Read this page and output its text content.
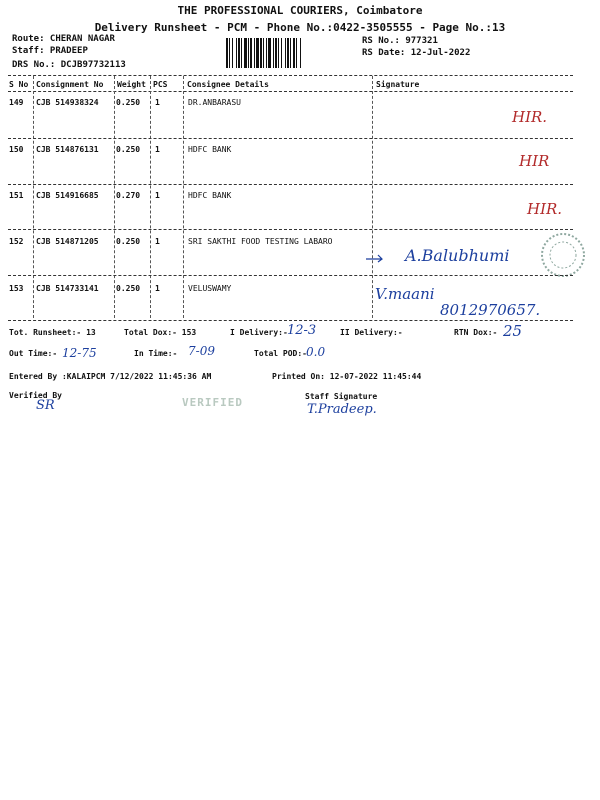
THE PROFESSIONAL COURIERS, Coimbatore
Delivery Runsheet - PCM - Phone No.:0422-3505555 - Page No.:13
Route: CHERAN NAGAR
Staff: PRADEEP
DRS No.: DCJB97732113
RS No.: 977321
RS Date: 12-Jul-2022
S No Consignment No Weight PCS Consignee Details	Signature
149 CJB 514938324 0.250 1	DR.ANBARASU
HIR.
150 CJB 514876131 0.250 1	HDFC BANK
HIR
151 CJB 514916685 0.270 1	HDFC BANK
HIR.
152 CJB 514871205 0.250 1	SRI SAKTHI FOOD TESTING LABARO
A.Balubhumi
153 CJB 514733141 0.250 1	VELUSWAMY	V.maani
8012970657.
Tot. Runsheet:- 13	Total Dox:- 153	I Delivery:- 12-3	II Delivery:-	RTN Dox:- 25
Out Time:- 12-75	In Time:- 7-09	Total POD:- 0.0
Entered By :KALAIPCM 7/12/2022 11:45:36 AM	Printed On: 12-07-2022 11:45:44
Verified By
SR	VERIFIED	Staff Signature
T.Pradeep.
